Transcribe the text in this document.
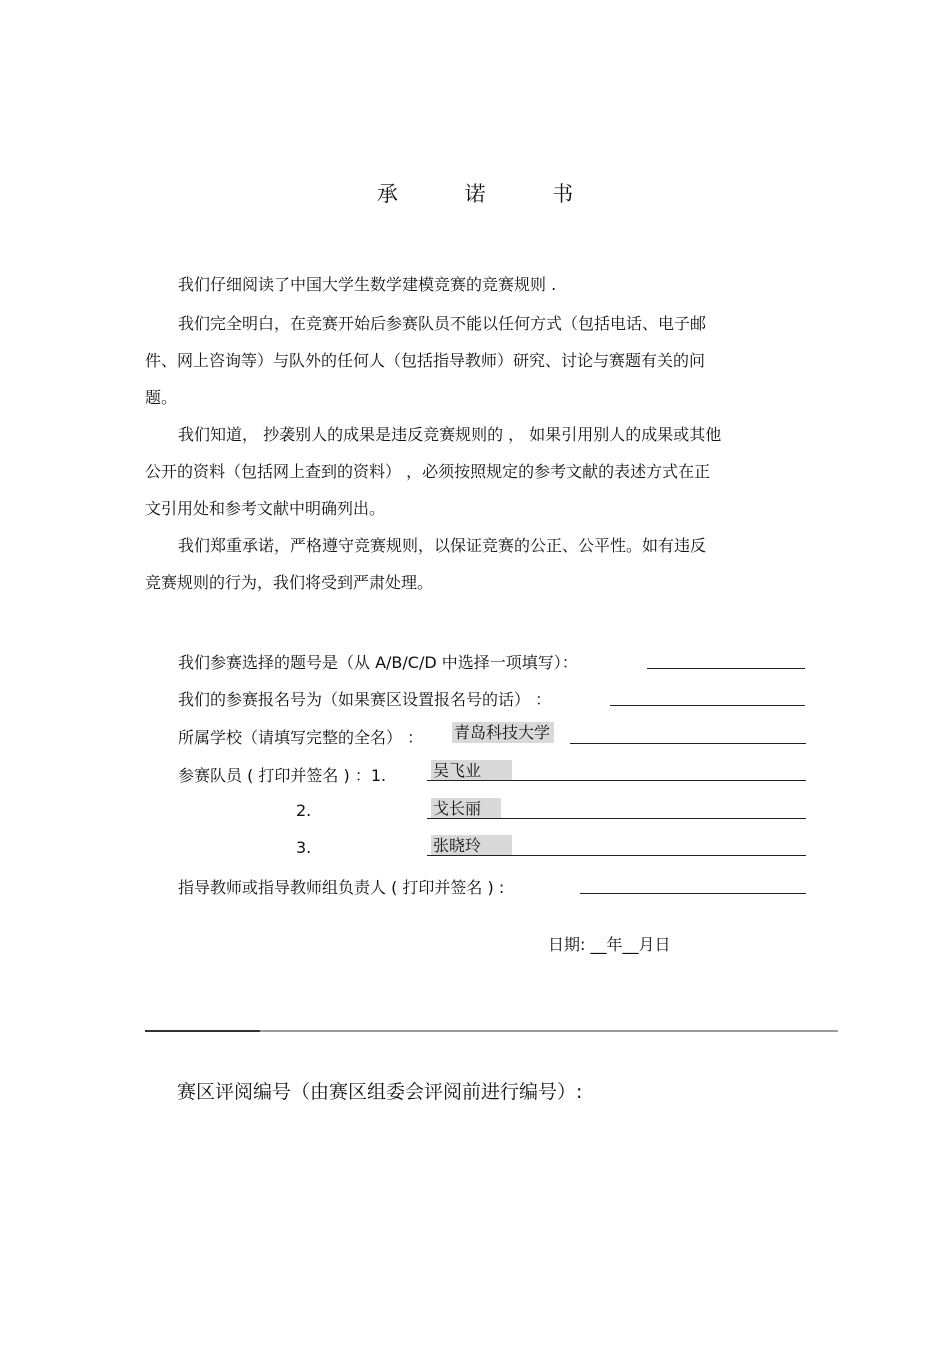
承 诺 书
我们仔细阅读了中国大学生数学建模竞赛的竞赛规则 .
我们完全明白，在竞赛开始后参赛队员不能以任何方式（包括电话、电子邮
件、网上咨询等）与队外的任何人（包括指导教师）研究、讨论与赛题有关的问
题。
我们知道， 抄袭别人的成果是违反竞赛规则的 ， 如果引用别人的成果或其他
公开的资料（包括网上查到的资料） ，必须按照规定的参考文献的表述方式在正
文引用处和参考文献中明确列出。
我们郑重承诺，严格遵守竞赛规则，以保证竞赛的公正、公平性。如有违反
竞赛规则的行为，我们将受到严肃处理。
我们参赛选择的题号是（从 A/B/C/D 中选择一项填写）：
我们的参赛报名号为（如果赛区设置报名号的话） ：
所属学校（请填写完整的全名） ： 青岛科技大学
参赛队员 ( 打印并签名 ) ：1.	吴飞业
2.	戈长丽
3.	张晓玲
指导教师或指导教师组负责人 ( 打印并签名 ) :
日期: __年__月日
赛区评阅编号（由赛区组委会评阅前进行编号）:
